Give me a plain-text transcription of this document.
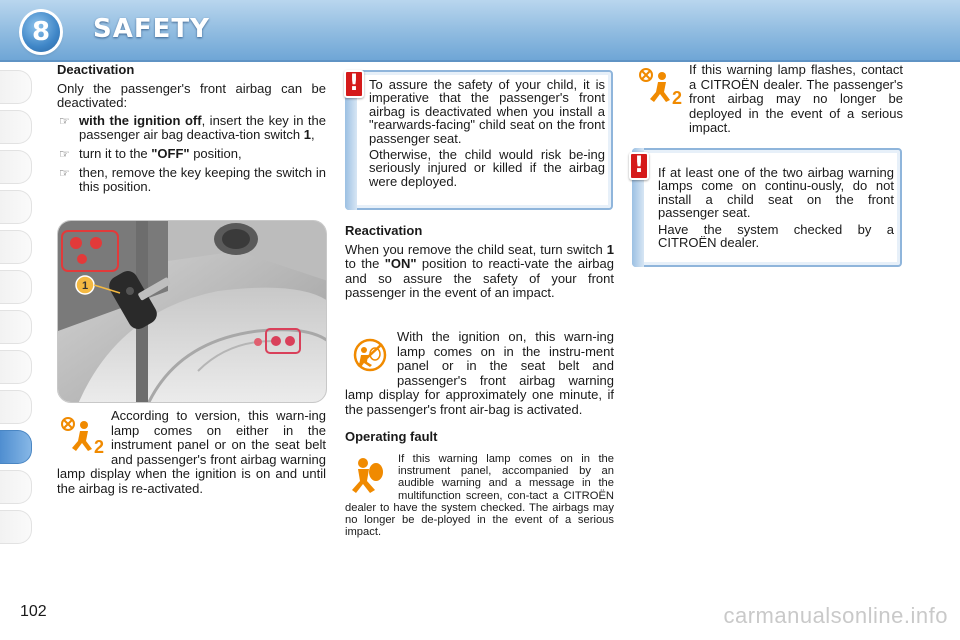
8	SAFETY
Deactivation
Only the passenger's front airbag can be deactivated:
☞ with the ignition off, insert the key in the passenger air bag deactiva-tion switch 1,
☞ turn it to the "OFF" position,
☞ then, remove the key keeping the switch in this position.
1
2
According to version, this warn-ing lamp comes on either in the instrument panel or on the seat belt and passenger's front airbag warning lamp display when the ignition is on and until the airbag is re-activated.
To assure the safety of your child, it is imperative that the passenger's front airbag is deactivated when you install a "rearwards-facing" child seat on the front passenger seat.
Otherwise, the child would risk be-ing seriously injured or killed if the airbag were deployed.
!
Reactivation
When you remove the child seat, turn switch 1 to the "ON" position to reacti-vate the airbag and so assure the safety of your front passenger in the event of an impact.
With the ignition on, this warn-ing lamp comes on in the instru-ment panel or in the seat belt and passenger's front airbag warning lamp display for approximately one minute, if the passenger's front air-bag is activated.
Operating fault
If this warning lamp comes on in the instrument panel, accompanied by an audible warning and a message in the multifunction screen, con-tact a CITROËN dealer to have the system checked. The airbags may no longer be de-ployed in the event of a serious impact.
2
If this warning lamp flashes, contact a CITROËN dealer. The passenger's front airbag may no longer be deployed in the event of a serious impact.
If at least one of the two airbag warning lamps come on continu-ously, do not install a child seat on the front passenger seat.
Have the system checked by a CITROËN dealer.
!
102	carmanualsonline.info
